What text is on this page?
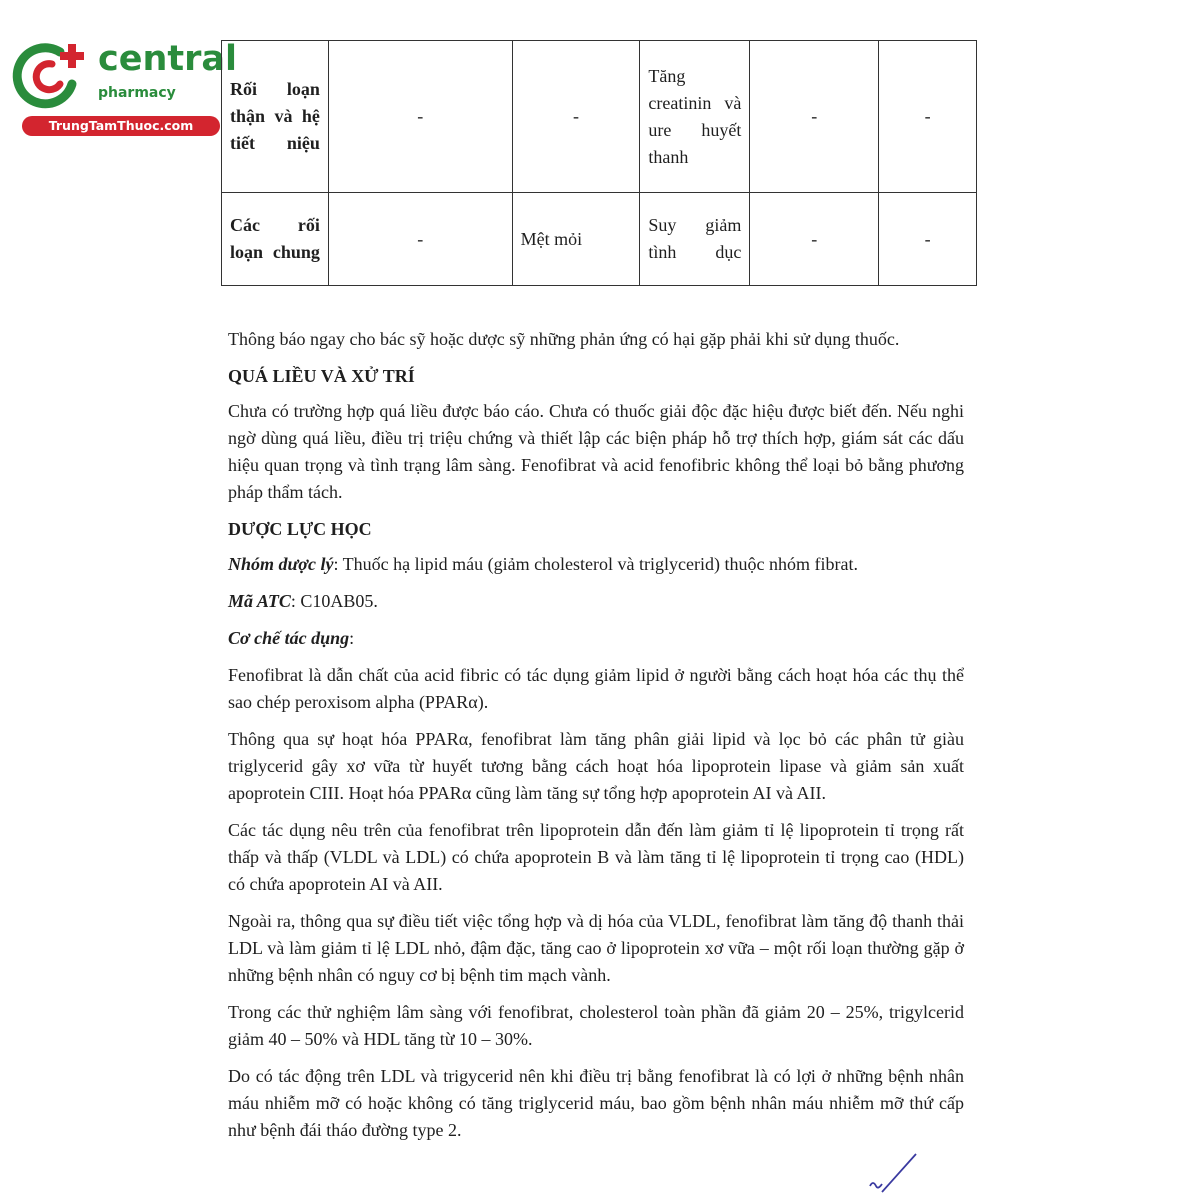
central
pharmacy
TrungTamThuoc.com
Rối loạn thận và hệ tiết niệu	-	-	Tăng creatinin và ure huyết thanh	-	-
Các rối loạn chung	-	Mệt mỏi	Suy giảm tình dục	-	-

Thông báo ngay cho bác sỹ hoặc dược sỹ những phản ứng có hại gặp phải khi sử dụng thuốc.

QUÁ LIỀU VÀ XỬ TRÍ

Chưa có trường hợp quá liều được báo cáo. Chưa có thuốc giải độc đặc hiệu được biết đến. Nếu nghi ngờ dùng quá liều, điều trị triệu chứng và thiết lập các biện pháp hỗ trợ thích hợp, giám sát các dấu hiệu quan trọng và tình trạng lâm sàng. Fenofibrat và acid fenofibric không thể loại bỏ bằng phương pháp thẩm tách.

DƯỢC LỰC HỌC

Nhóm dược lý: Thuốc hạ lipid máu (giảm cholesterol và triglycerid) thuộc nhóm fibrat.

Mã ATC: C10AB05.

Cơ chế tác dụng:

Fenofibrat là dẫn chất của acid fibric có tác dụng giảm lipid ở người bằng cách hoạt hóa các thụ thể sao chép peroxisom alpha (PPARα).

Thông qua sự hoạt hóa PPARα, fenofibrat làm tăng phân giải lipid và lọc bỏ các phân tử giàu triglycerid gây xơ vữa từ huyết tương bằng cách hoạt hóa lipoprotein lipase và giảm sản xuất apoprotein CIII. Hoạt hóa PPARα cũng làm tăng sự tổng hợp apoprotein AI và AII.

Các tác dụng nêu trên của fenofibrat trên lipoprotein dẫn đến làm giảm tỉ lệ lipoprotein tỉ trọng rất thấp và thấp (VLDL và LDL) có chứa apoprotein B và làm tăng tỉ lệ lipoprotein tỉ trọng cao (HDL) có chứa apoprotein AI và AII.

Ngoài ra, thông qua sự điều tiết việc tổng hợp và dị hóa của VLDL, fenofibrat làm tăng độ thanh thải LDL và làm giảm tỉ lệ LDL nhỏ, đậm đặc, tăng cao ở lipoprotein xơ vữa – một rối loạn thường gặp ở những bệnh nhân có nguy cơ bị bệnh tim mạch vành.

Trong các thử nghiệm lâm sàng với fenofibrat, cholesterol toàn phần đã giảm 20 – 25%, trigylcerid giảm 40 – 50% và HDL tăng từ 10 – 30%.

Do có tác động trên LDL và trigycerid nên khi điều trị bằng fenofibrat là có lợi ở những bệnh nhân máu nhiễm mỡ có hoặc không có tăng triglycerid máu, bao gồm bệnh nhân máu nhiễm mỡ thứ cấp như bệnh đái tháo đường type 2.
